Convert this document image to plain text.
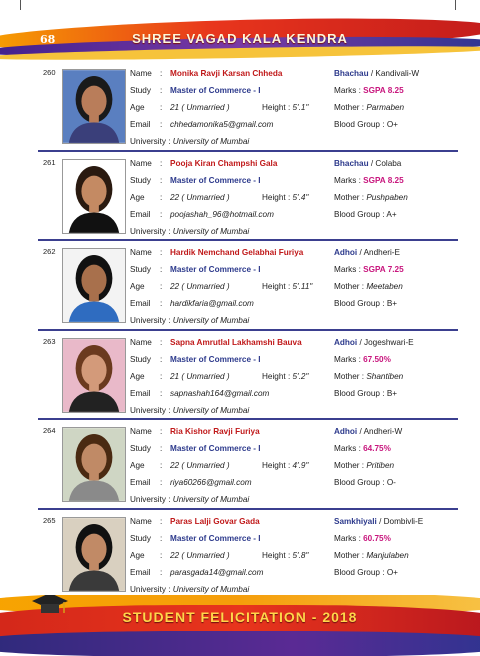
68	SHREE VAGAD KALA KENDRA
260	Name : Monika Ravji Karsan Chheda
Study : Master of Commerce - I
Age : 21 ( Unmarried )	Height : 5'.1"
Email : chhedamonika5@gmail.com
University : University of Mumbai
Bhachau / Kandivali-W
Marks : SGPA 8.25
Mother : Parmaben
Blood Group : O+
261	Name : Pooja Kiran Champshi Gala
Study : Master of Commerce - I
Age : 22 ( Unmarried )	Height : 5'.4"
Email : poojashah_96@hotmail.com
University : University of Mumbai
Bhachau / Colaba
Marks : SGPA 8.25
Mother : Pushpaben
Blood Group : A+
262	Name : Hardik Nemchand Gelabhai Furiya
Study : Master of Commerce - I
Age : 22 ( Unmarried )	Height : 5'.11"
Email : hardikfaria@gmail.com
University : University of Mumbai
Adhoi / Andheri-E
Marks : SGPA 7.25
Mother : Meetaben
Blood Group : B+
263	Name : Sapna Amrutlal Lakhamshi Bauva
Study : Master of Commerce - I
Age : 21 ( Unmarried )	Height : 5'.2"
Email : sapnashah164@gmail.com
University : University of Mumbai
Adhoi / Jogeshwari-E
Marks : 67.50%
Mother : Shantiben
Blood Group : B+
264	Name : Ria Kishor Ravji Furiya
Study : Master of Commerce - I
Age : 22 ( Unmarried )	Height : 4'.9"
Email : riya60266@gmail.com
University : University of Mumbai
Adhoi / Andheri-W
Marks : 64.75%
Mother : Pritiben
Blood Group : O-
265	Name : Paras Lalji Govar Gada
Study : Master of Commerce - I
Age : 22 ( Unmarried )	Height : 5'.8"
Email : parasgada14@gmail.com
University : University of Mumbai
Samkhiyali / Dombivli-E
Marks : 60.75%
Mother : Manjulaben
Blood Group : O+
STUDENT FELICITATION - 2018
